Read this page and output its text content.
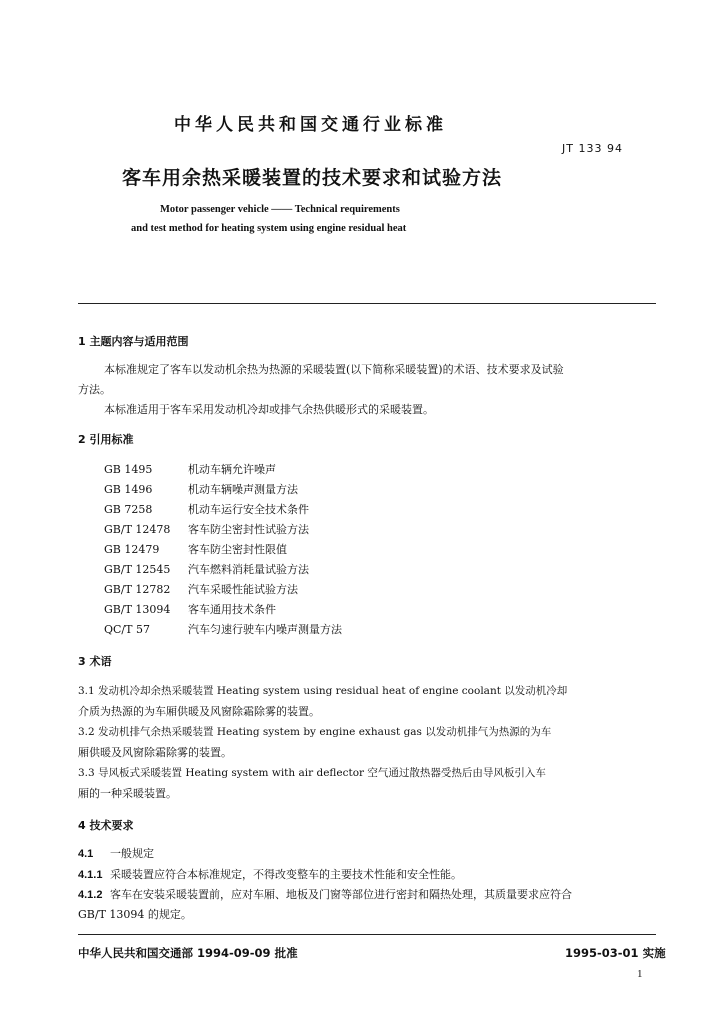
中华人民共和国交通行业标准
JT 133 94
客车用余热采暖装置的技术要求和试验方法
Motor passenger vehicle —— Technical requirements
and test method for heating system using engine residual heat
1 主题内容与适用范围
本标准规定了客车以发动机余热为热源的采暖装置(以下简称采暖装置)的术语、技术要求及试验
方法。
本标准适用于客车采用发动机冷却或排气余热供暖形式的采暖装置。
2 引用标准
GB 1495	机动车辆允许噪声
GB 1496	机动车辆噪声测量方法
GB 7258	机动车运行安全技术条件
GB/T 12478 客车防尘密封性试验方法
GB 12479	客车防尘密封性限值
GB/T 12545 汽车燃料消耗量试验方法
GB/T 12782 汽车采暖性能试验方法
GB/T 13094 客车通用技术条件
QC/T 57	汽车匀速行驶车内噪声测量方法
3 术语
3.1 发动机冷却余热采暖装置 Heating system using residual heat of engine coolant 以发动机冷却
介质为热源的为车厢供暖及风窗除霜除雾的装置。
3.2 发动机排气余热采暖装置 Heating system by engine exhaust gas 以发动机排气为热源的为车
厢供暖及风窗除霜除雾的装置。
3.3 导风板式采暖装置 Heating system with air deflector 空气通过散热器受热后由导风板引入车
厢的一种采暖装置。
4 技术要求
4.1 一般规定
4.1.1 采暖装置应符合本标准规定，不得改变整车的主要技术性能和安全性能。
4.1.2 客车在安装采暖装置前，应对车厢、地板及门窗等部位进行密封和隔热处理，其质量要求应符合
GB/T 13094 的规定。
中华人民共和国交通部 1994-09-09 批准	1995-03-01 实施
1
